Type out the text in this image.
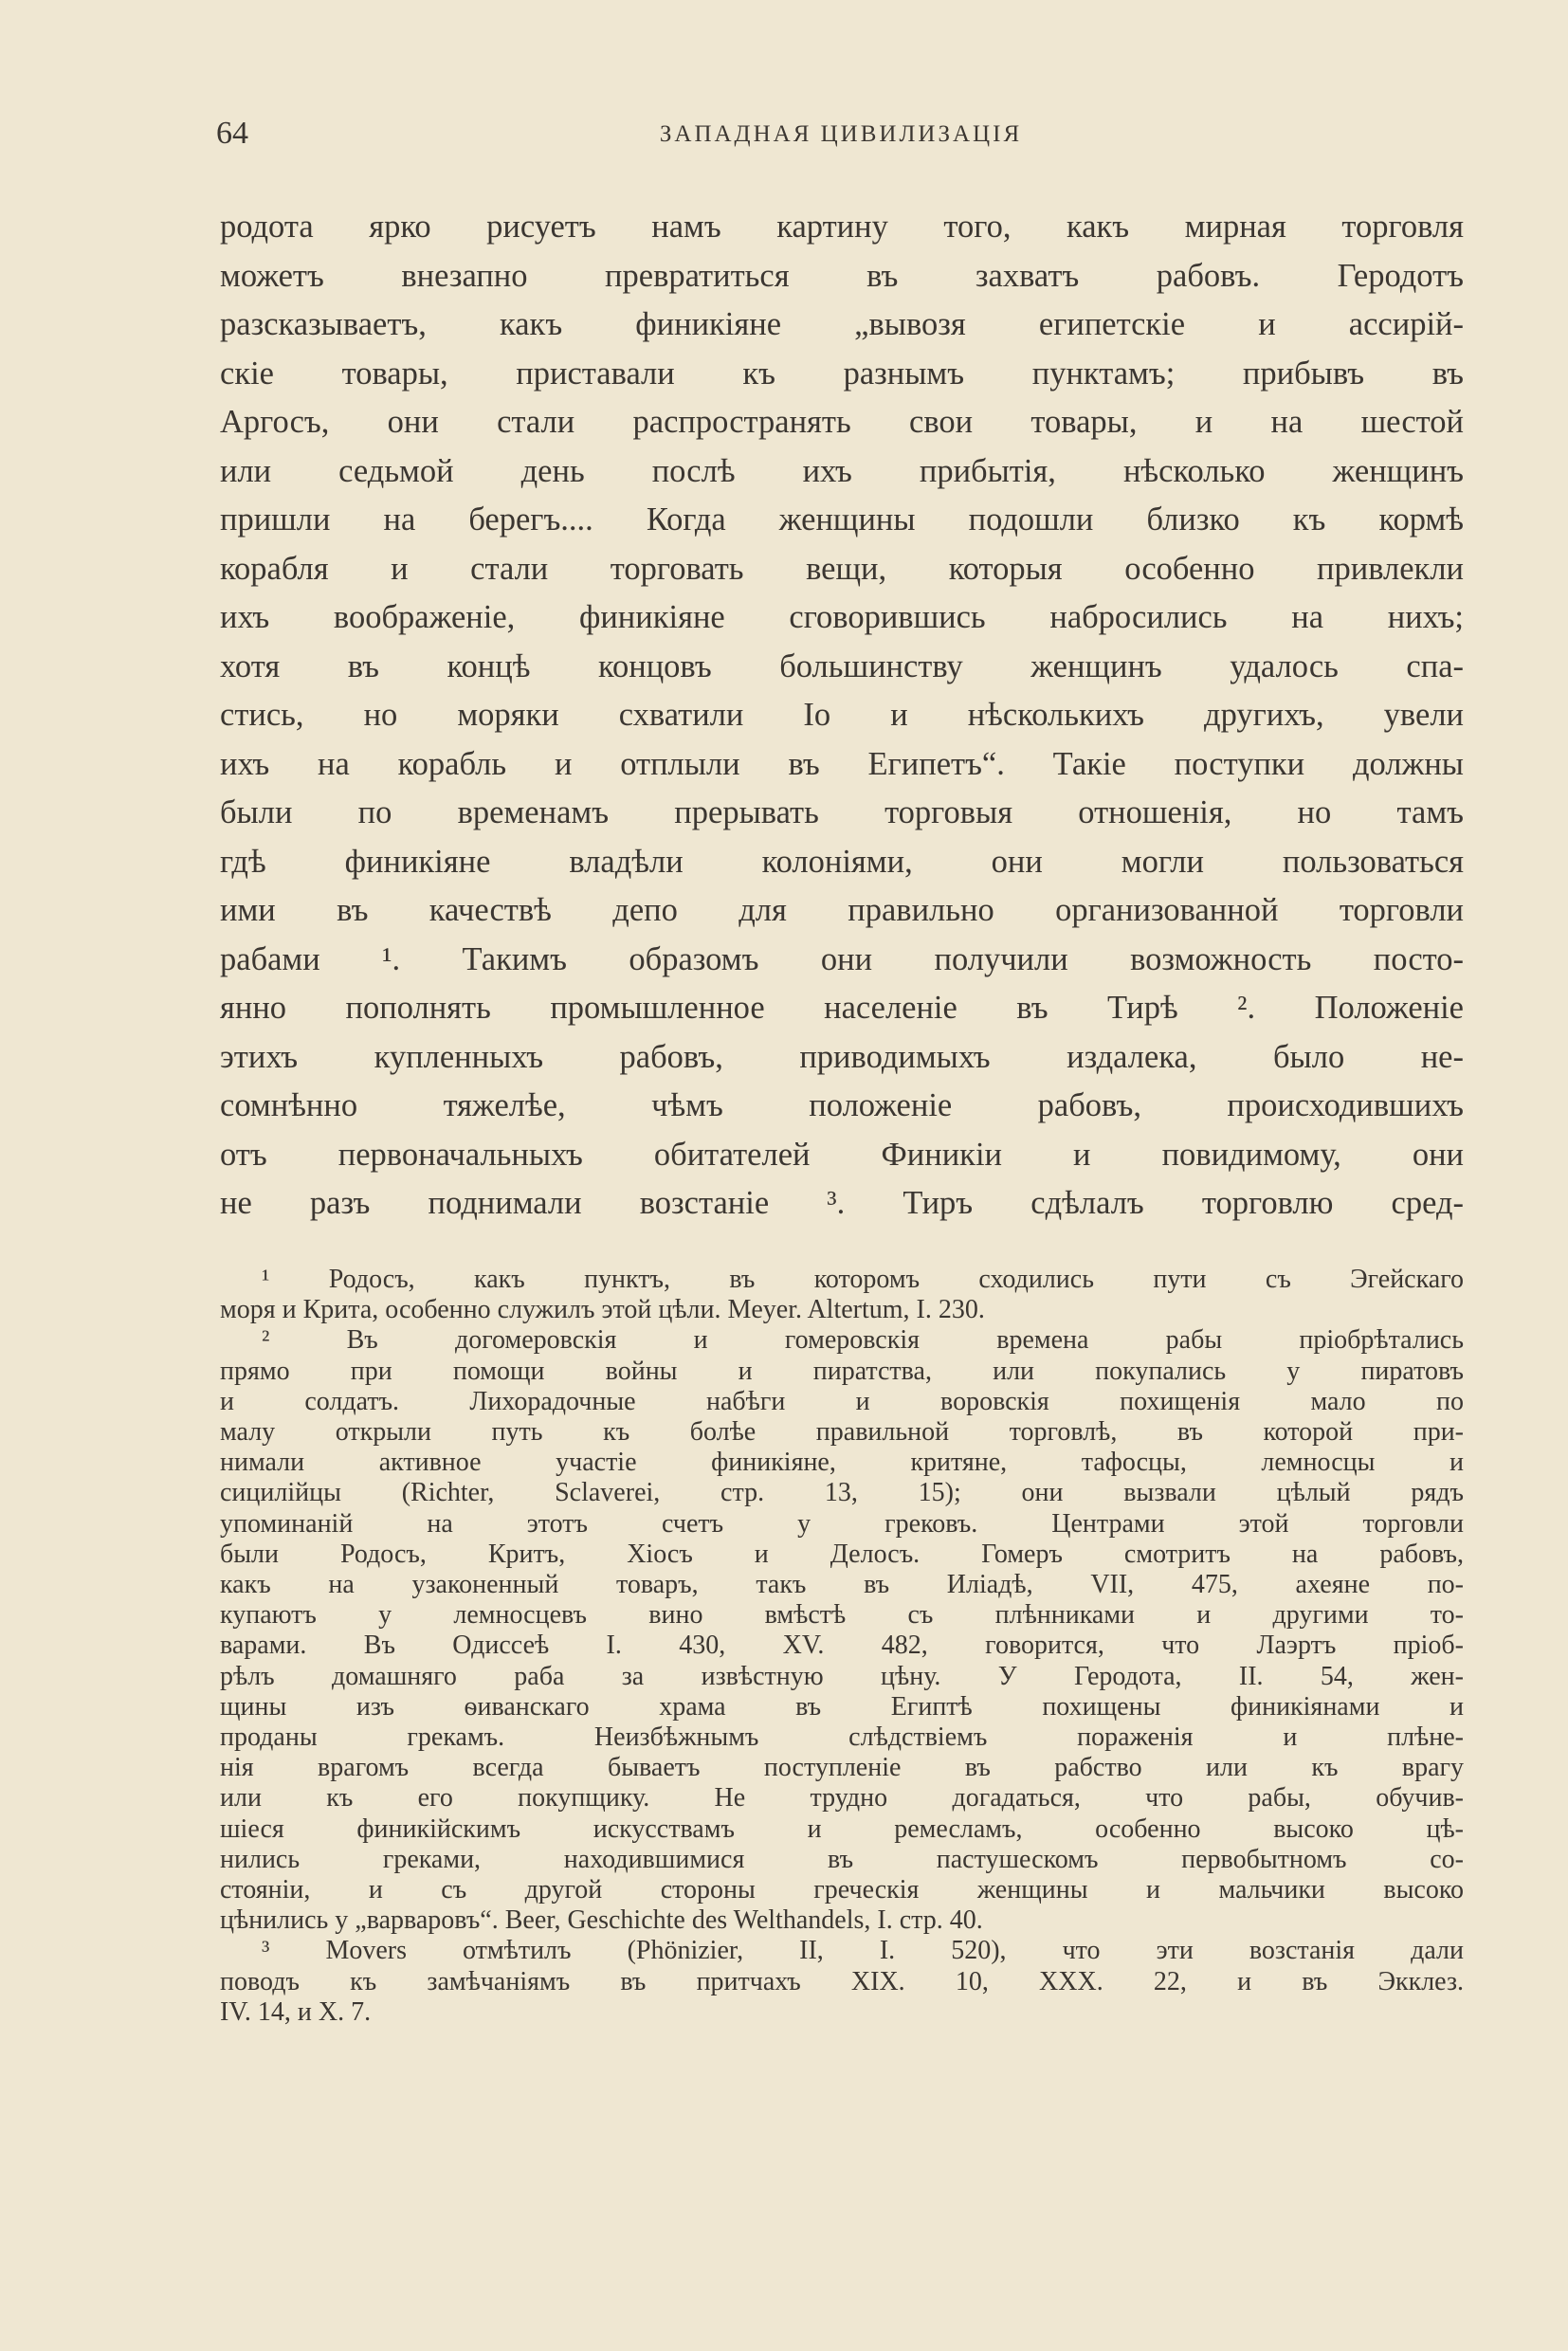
64	ЗАПАДНАЯ ЦИВИЛИЗАЦІЯ
родота ярко рисуетъ намъ картину того, какъ мирная торговля
можетъ внезапно превратиться въ захватъ рабовъ. Геродотъ
разсказываетъ, какъ финикіяне „вывозя египетскіе и ассирій-
скіе товары, приставали къ разнымъ пунктамъ; прибывъ въ
Аргосъ, они стали распространять свои товары, и на шестой
или седьмой день послѣ ихъ прибытія, нѣсколько женщинъ
пришли на берегъ.... Когда женщины подошли близко къ кормѣ
корабля и стали торговать вещи, которыя особенно привлекли
ихъ воображеніе, финикіяне сговорившись набросились на нихъ;
хотя въ концѣ концовъ большинству женщинъ удалось спа-
стись, но моряки схватили Іо и нѣсколькихъ другихъ, увели
ихъ на корабль и отплыли въ Египетъ“. Такіе поступки должны
были по временамъ прерывать торговыя отношенія, но тамъ
гдѣ финикіяне владѣли колоніями, они могли пользоваться
ими въ качествѣ депо для правильно организованной торговли
рабами ¹. Такимъ образомъ они получили возможность посто-
янно пополнять промышленное населеніе въ Тирѣ ². Положеніе
этихъ купленныхъ рабовъ, приводимыхъ издалека, было не-
сомнѣнно тяжелѣе, чѣмъ положеніе рабовъ, происходившихъ
отъ первоначальныхъ обитателей Финикіи и повидимому, они
не разъ поднимали возстаніе ³. Тиръ сдѣлалъ торговлю сред-
¹ Родосъ, какъ пунктъ, въ которомъ сходились пути съ Эгейскаго
моря и Крита, особенно служилъ этой цѣли. Meyer. Altertum, I. 230.
² Въ догомеровскія и гомеровскія времена рабы пріобрѣтались
прямо при помощи войны и пиратства, или покупались у пиратовъ
и солдатъ. Лихорадочные набѣги и воровскія похищенія мало по
малу открыли путь къ болѣе правильной торговлѣ, въ которой при-
нимали активное участіе финикіяне, критяне, тафосцы, лемносцы и
сицилійцы (Richter, Sclaverei, стр. 13, 15); они вызвали цѣлый рядъ
упоминаній на этотъ счетъ у грековъ. Центрами этой торговли
были Родосъ, Критъ, Хіосъ и Делосъ. Гомеръ смотритъ на рабовъ,
какъ на узаконенный товаръ, такъ въ Иліадѣ, VII, 475, ахеяне по-
купаютъ у лемносцевъ вино вмѣстѣ съ плѣнниками и другими то-
варами. Въ Одиссеѣ I. 430, XV. 482, говорится, что Лаэртъ пріоб-
рѣлъ домашняго раба за извѣстную цѣну. У Геродота, II. 54, жен-
щины изъ ѳиванскаго храма въ Египтѣ похищены финикіянами и
проданы грекамъ. Неизбѣжнымъ слѣдствіемъ пораженія и плѣне-
нія врагомъ всегда бываетъ поступленіе въ рабство или къ врагу
или къ его покупщику. Не трудно догадаться, что рабы, обучив-
шіеся финикійскимъ искусствамъ и ремесламъ, особенно высоко цѣ-
нились греками, находившимися въ пастушескомъ первобытномъ со-
стояніи, и съ другой стороны греческія женщины и мальчики высоко
цѣнились у „варваровъ“. Beer, Geschichte des Welthandels, I. стр. 40.
³ Movers отмѣтилъ (Phönizier, II, I. 520), что эти возстанія дали
поводъ къ замѣчаніямъ въ притчахъ XIX. 10, XXX. 22, и въ Экклез.
IV. 14, и X. 7.
